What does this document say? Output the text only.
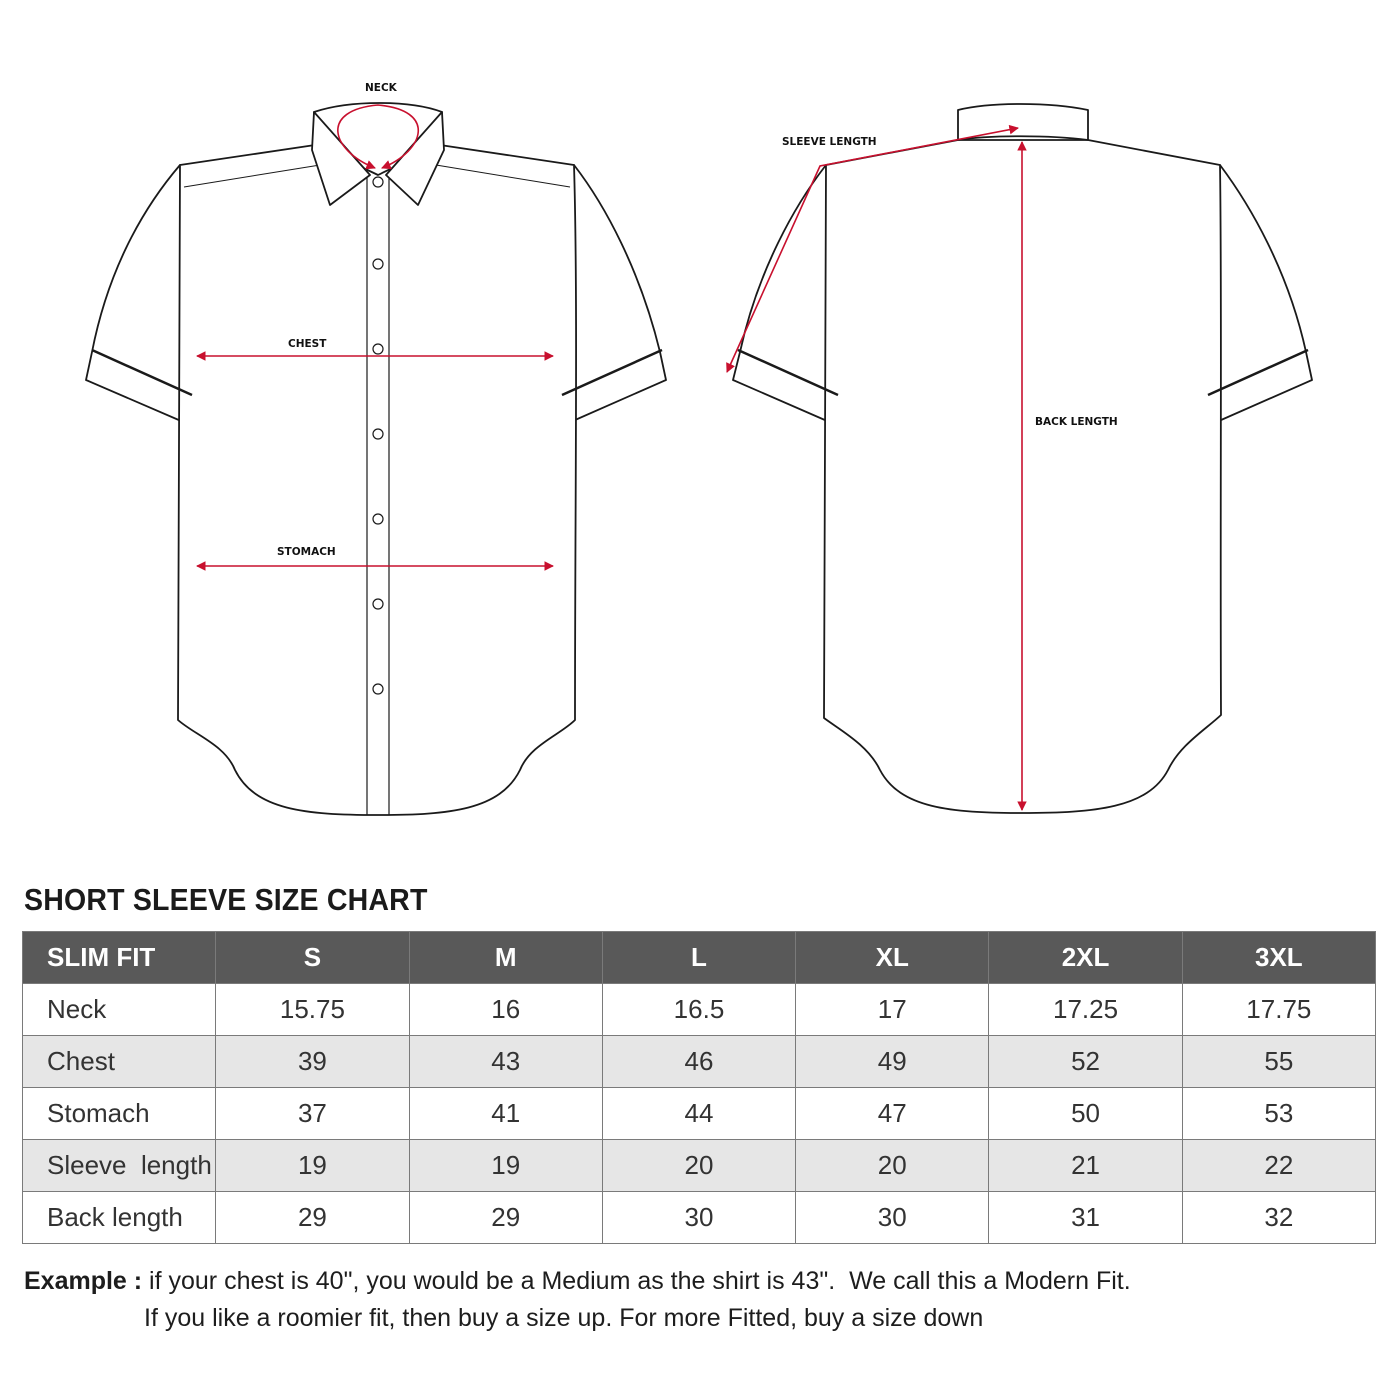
NECK
CHEST
STOMACH
SLEEVE LENGTH
BACK LENGTH
SHORT SLEEVE SIZE CHART
SLIM FIT	S	M	L	XL	2XL	3XL
Neck	15.75	16	16.5	17	17.25	17.75
Chest	39	43	46	49	52	55
Stomach	37	41	44	47	50	53
Sleeve  length	19	19	20	20	21	22
Back length	29	29	30	30	31	32
Example : if your chest is 40", you would be a Medium as the shirt is 43".  We call this a Modern Fit.
If you like a roomier fit, then buy a size up. For more Fitted, buy a size down
